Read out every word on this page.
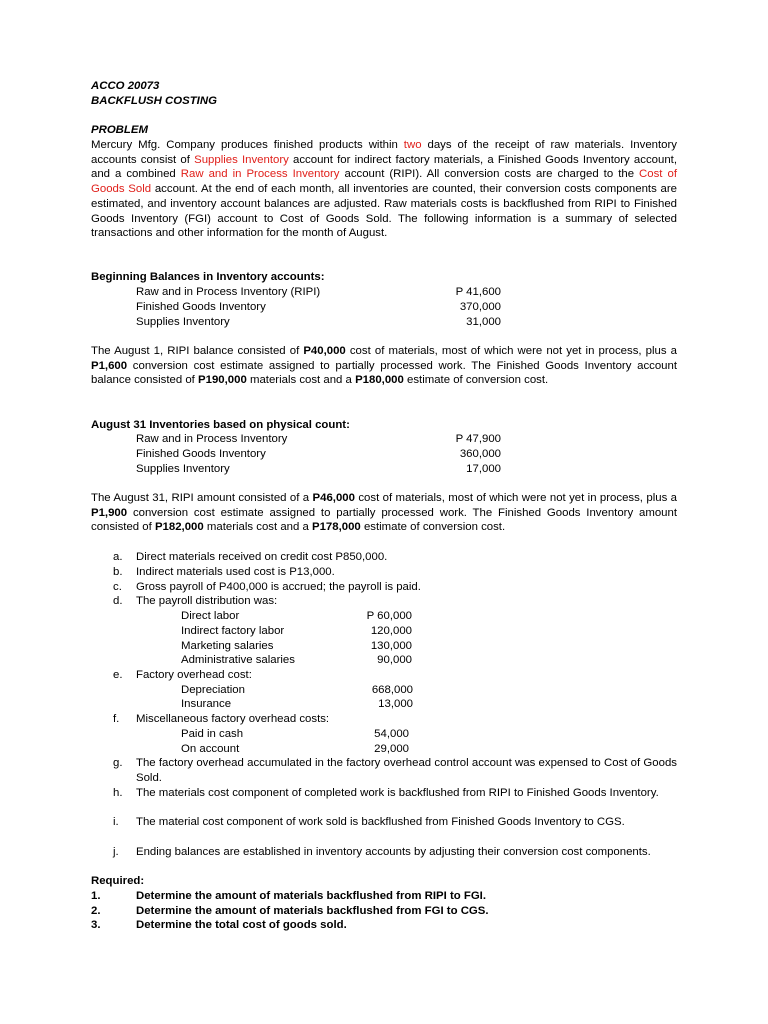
ACCO 20073
BACKFLUSH COSTING
PROBLEM
Mercury Mfg. Company produces finished products within two days of the receipt of raw materials. Inventory accounts consist of Supplies Inventory account for indirect factory materials, a Finished Goods Inventory account, and a combined Raw and in Process Inventory account (RIPI). All conversion costs are charged to the Cost of Goods Sold account. At the end of each month, all inventories are counted, their conversion costs components are estimated, and inventory account balances are adjusted. Raw materials costs is backflushed from RIPI to Finished Goods Inventory (FGI) account to Cost of Goods Sold. The following information is a summary of selected transactions and other information for the month of August.
Beginning Balances in Inventory accounts:
Raw and in Process Inventory (RIPI)	P 41,600
Finished Goods Inventory	370,000
Supplies Inventory	31,000
The August 1, RIPI balance consisted of P40,000 cost of materials, most of which were not yet in process, plus a P1,600 conversion cost estimate assigned to partially processed work. The Finished Goods Inventory account balance consisted of P190,000 materials cost and a P180,000 estimate of conversion cost.
August 31 Inventories based on physical count:
Raw and in Process Inventory	P 47,900
Finished Goods Inventory	360,000
Supplies Inventory	17,000
The August 31, RIPI amount consisted of a P46,000 cost of materials, most of which were not yet in process, plus a P1,900 conversion cost estimate assigned to partially processed work. The Finished Goods Inventory amount consisted of P182,000 materials cost and a P178,000 estimate of conversion cost.
a. Direct materials received on credit cost P850,000.
b. Indirect materials used cost is P13,000.
c. Gross payroll of P400,000 is accrued; the payroll is paid.
d. The payroll distribution was:
Direct labor	P 60,000
Indirect factory labor	120,000
Marketing salaries	130,000
Administrative salaries	90,000
e. Factory overhead cost:
Depreciation	668,000
Insurance	13,000
f. Miscellaneous factory overhead costs:
Paid in cash	54,000
On account	29,000
g. The factory overhead accumulated in the factory overhead control account was expensed to Cost of Goods Sold.
h. The materials cost component of completed work is backflushed from RIPI to Finished Goods Inventory.
i. The material cost component of work sold is backflushed from Finished Goods Inventory to CGS.
j. Ending balances are established in inventory accounts by adjusting their conversion cost components.
Required:
1.	Determine the amount of materials backflushed from RIPI to FGI.
2.	Determine the amount of materials backflushed from FGI to CGS.
3.	Determine the total cost of goods sold.
